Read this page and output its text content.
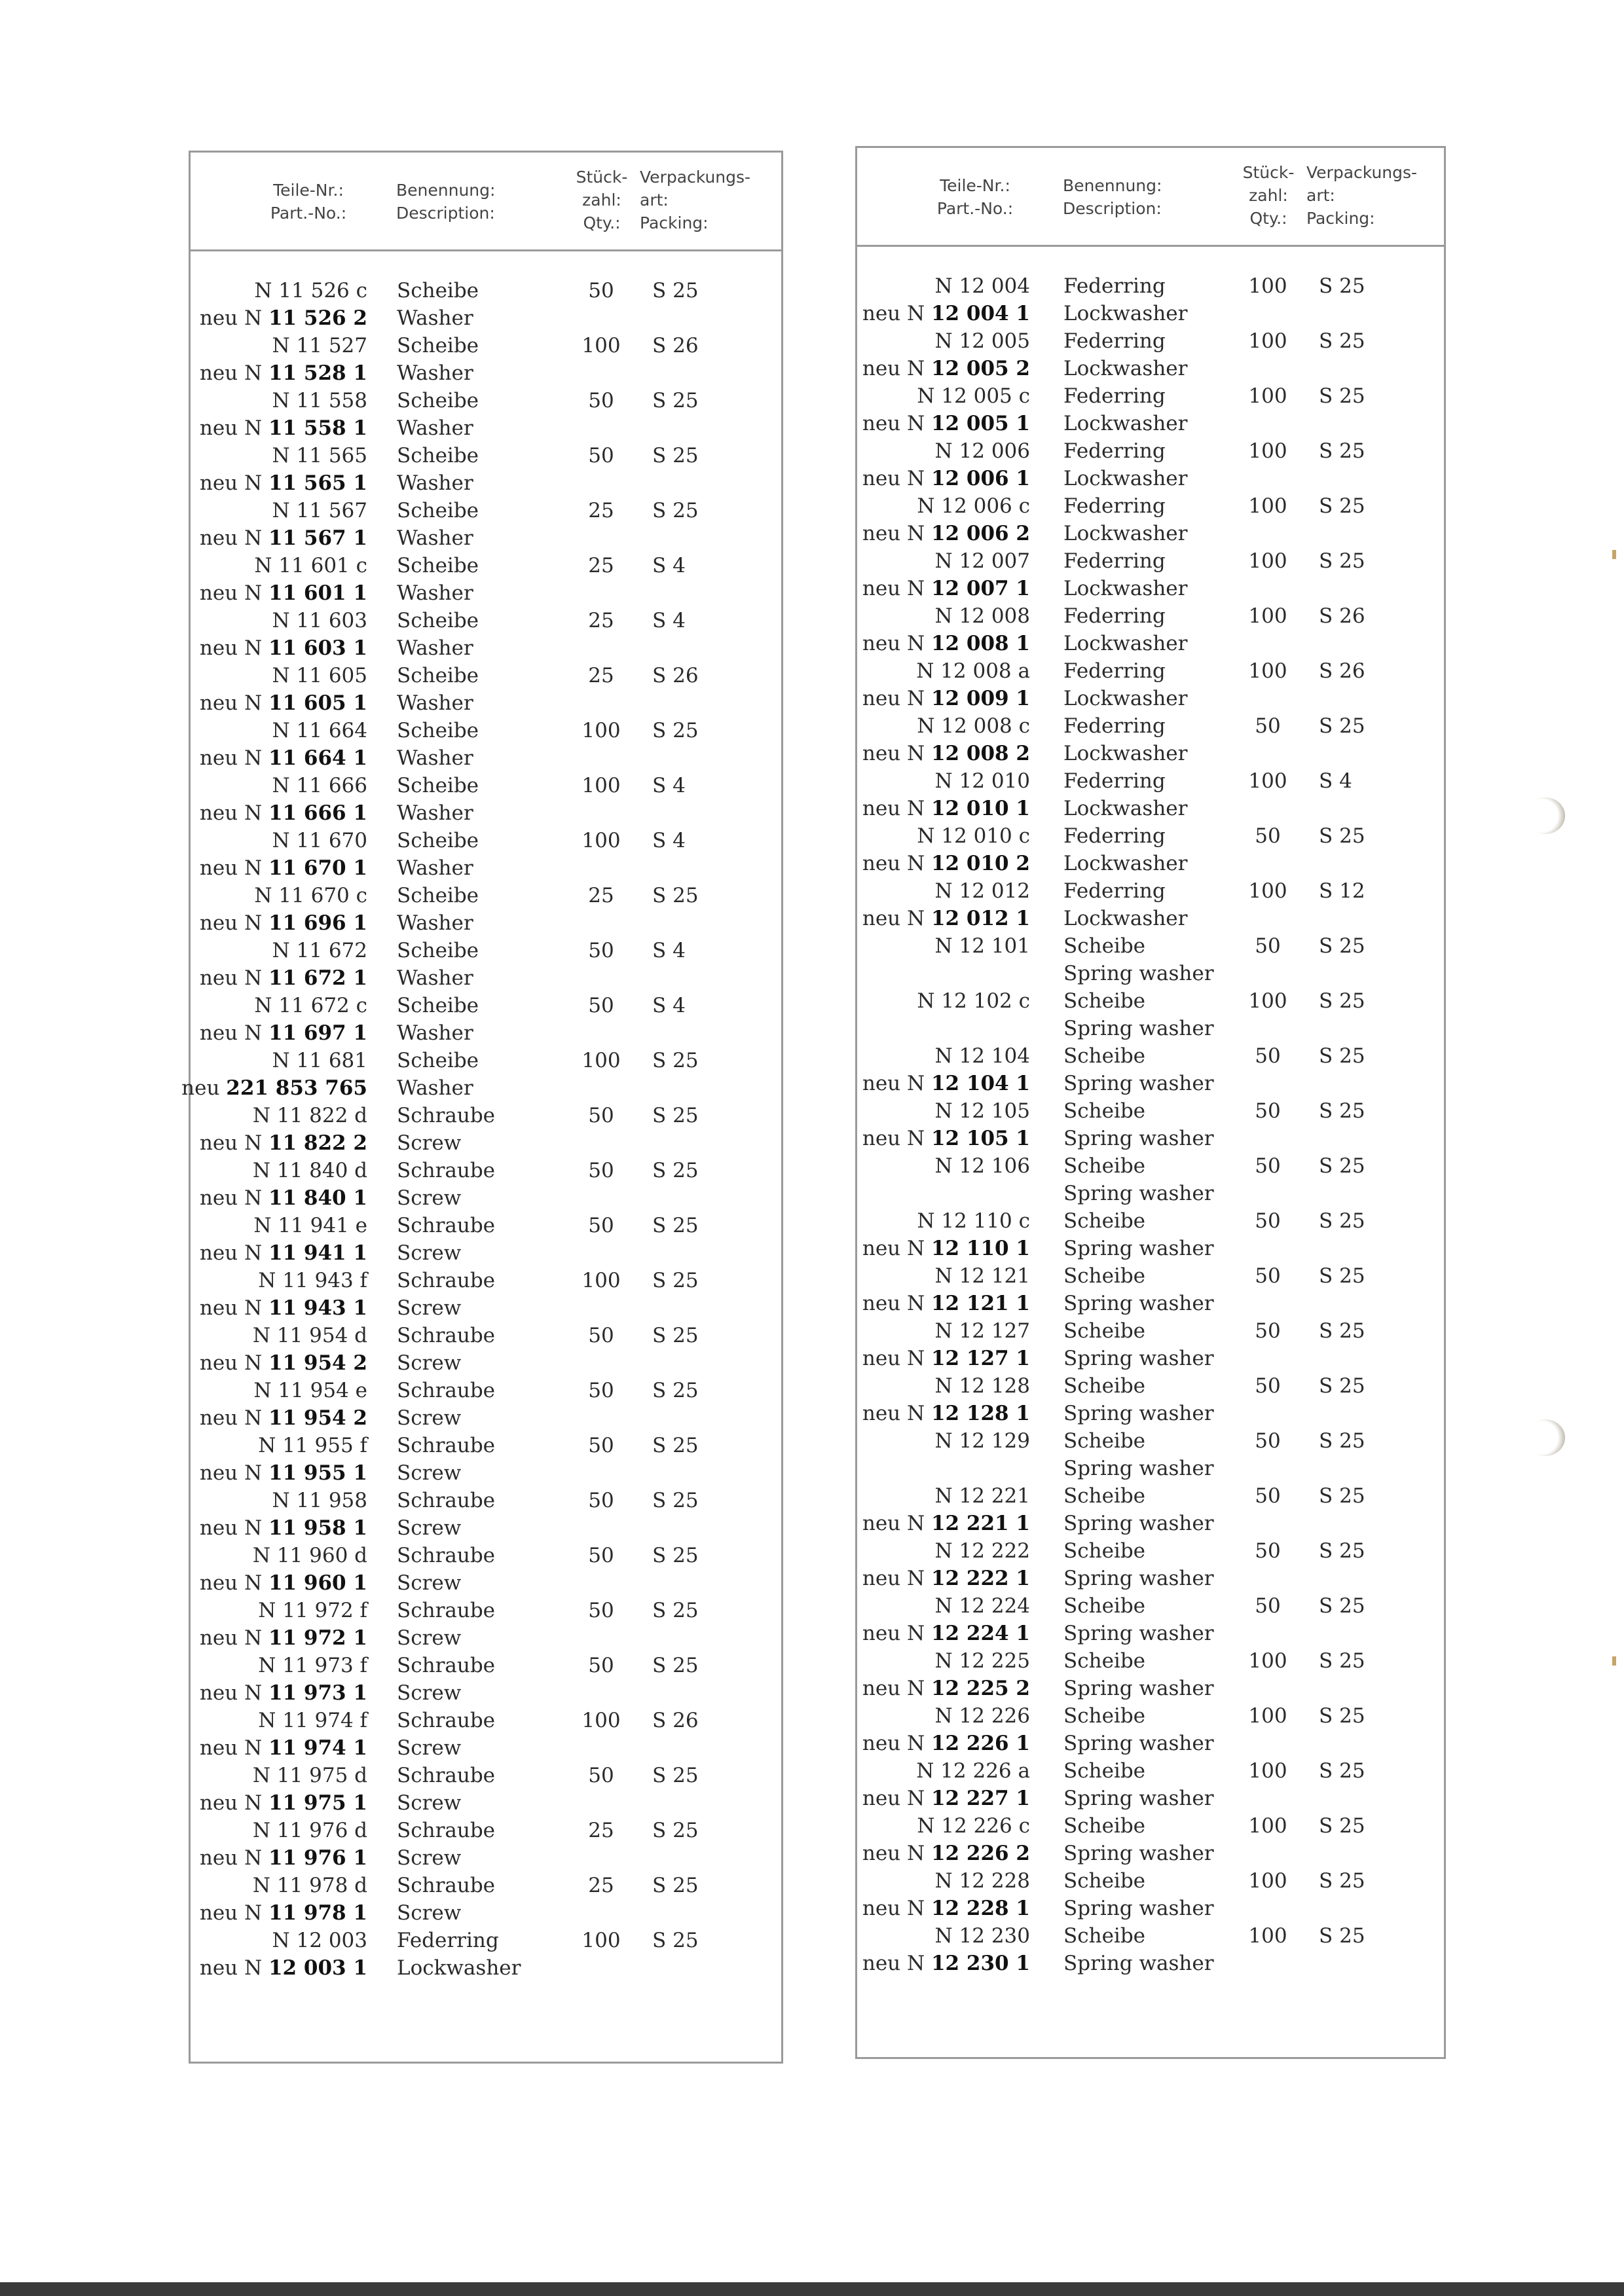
Teile-Nr.:
Part.-No.:
Benennung:
Description:
Stück-
zahl:
Qty.:
Verpackungs-
art:
Packing:
N 11 526 c Scheibe	50	S 25
neu N 11 526 2 Washer
N 11 527 Scheibe	100	S 26
neu N 11 528 1 Washer
N 11 558 Scheibe	50	S 25
neu N 11 558 1 Washer
N 11 565 Scheibe	50	S 25
neu N 11 565 1 Washer
N 11 567 Scheibe	25	S 25
neu N 11 567 1 Washer
N 11 601 c Scheibe	25	S 4
neu N 11 601 1 Washer
N 11 603 Scheibe	25	S 4
neu N 11 603 1 Washer
N 11 605 Scheibe	25	S 26
neu N 11 605 1 Washer
N 11 664 Scheibe	100	S 25
neu N 11 664 1 Washer
N 11 666 Scheibe	100	S 4
neu N 11 666 1 Washer
N 11 670 Scheibe	100	S 4
neu N 11 670 1 Washer
N 11 670 c Scheibe	25	S 25
neu N 11 696 1 Washer
N 11 672 Scheibe	50	S 4
neu N 11 672 1 Washer
N 11 672 c Scheibe	50	S 4
neu N 11 697 1 Washer
N 11 681 Scheibe	100	S 25
neu 221 853 765 Washer
N 11 822 d Schraube	50	S 25
neu N 11 822 2 Screw
N 11 840 d Schraube	50	S 25
neu N 11 840 1 Screw
N 11 941 e Schraube	50	S 25
neu N 11 941 1 Screw
N 11 943 f Schraube	100	S 25
neu N 11 943 1 Screw
N 11 954 d Schraube	50	S 25
neu N 11 954 2 Screw
N 11 954 e Schraube	50	S 25
neu N 11 954 2 Screw
N 11 955 f Schraube	50	S 25
neu N 11 955 1 Screw
N 11 958 Schraube	50	S 25
neu N 11 958 1 Screw
N 11 960 d Schraube	50	S 25
neu N 11 960 1 Screw
N 11 972 f Schraube	50	S 25
neu N 11 972 1 Screw
N 11 973 f Schraube	50	S 25
neu N 11 973 1 Screw
N 11 974 f Schraube	100	S 26
neu N 11 974 1 Screw
N 11 975 d Schraube	50	S 25
neu N 11 975 1 Screw
N 11 976 d Schraube	25	S 25
neu N 11 976 1 Screw
N 11 978 d Schraube	25	S 25
neu N 11 978 1 Screw
N 12 003 Federring	100	S 25
neu N 12 003 1 Lockwasher
Teile-Nr.:
Part.-No.:
Benennung:
Description:
Stück-
zahl:
Qty.:
Verpackungs-
art:
Packing:
N 12 004 Federring	100	S 25
neu N 12 004 1 Lockwasher
N 12 005 Federring	100	S 25
neu N 12 005 2 Lockwasher
N 12 005 c Federring	100	S 25
neu N 12 005 1 Lockwasher
N 12 006 Federring	100	S 25
neu N 12 006 1 Lockwasher
N 12 006 c Federring	100	S 25
neu N 12 006 2 Lockwasher
N 12 007 Federring	100	S 25
neu N 12 007 1 Lockwasher
N 12 008 Federring	100	S 26
neu N 12 008 1 Lockwasher
N 12 008 a Federring	100	S 26
neu N 12 009 1 Lockwasher
N 12 008 c Federring	50	S 25
neu N 12 008 2 Lockwasher
N 12 010 Federring	100	S 4
neu N 12 010 1 Lockwasher
N 12 010 c Federring	50	S 25
neu N 12 010 2 Lockwasher
N 12 012 Federring	100	S 12
neu N 12 012 1 Lockwasher
N 12 101 Scheibe	50	S 25
Spring washer
N 12 102 c Scheibe	100	S 25
Spring washer
N 12 104 Scheibe	50	S 25
neu N 12 104 1 Spring washer
N 12 105 Scheibe	50	S 25
neu N 12 105 1 Spring washer
N 12 106 Scheibe	50	S 25
Spring washer
N 12 110 c Scheibe	50	S 25
neu N 12 110 1 Spring washer
N 12 121 Scheibe	50	S 25
neu N 12 121 1 Spring washer
N 12 127 Scheibe	50	S 25
neu N 12 127 1 Spring washer
N 12 128 Scheibe	50	S 25
neu N 12 128 1 Spring washer
N 12 129 Scheibe	50	S 25
Spring washer
N 12 221 Scheibe	50	S 25
neu N 12 221 1 Spring washer
N 12 222 Scheibe	50	S 25
neu N 12 222 1 Spring washer
N 12 224 Scheibe	50	S 25
neu N 12 224 1 Spring washer
N 12 225 Scheibe	100	S 25
neu N 12 225 2 Spring washer
N 12 226 Scheibe	100	S 25
neu N 12 226 1 Spring washer
N 12 226 a Scheibe	100	S 25
neu N 12 227 1 Spring washer
N 12 226 c Scheibe	100	S 25
neu N 12 226 2 Spring washer
N 12 228 Scheibe	100	S 25
neu N 12 228 1 Spring washer
N 12 230 Scheibe	100	S 25
neu N 12 230 1 Spring washer
